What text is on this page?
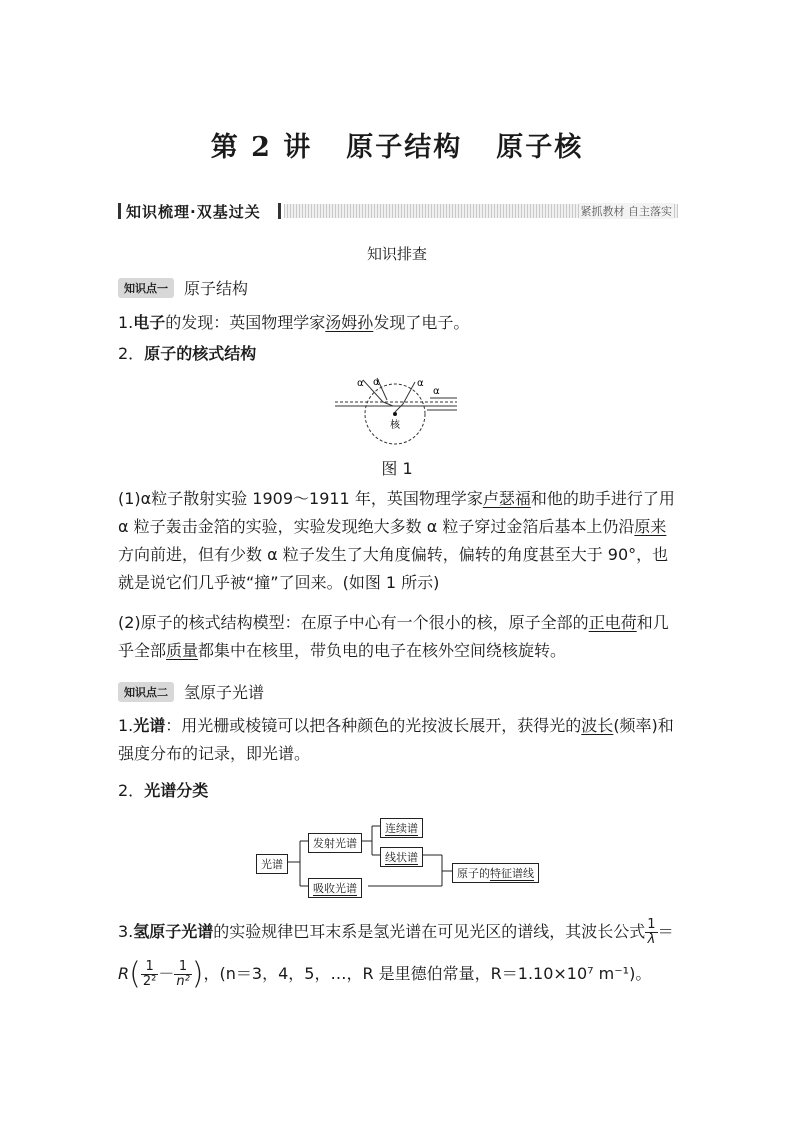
第 2 讲 原子结构 原子核
知识梳理·双基过关	紧抓教材 自主落实
知识排查
知识点一 原子结构
1.电子的发现：英国物理学家汤姆孙发现了电子。
2．原子的核式结构
α α	α
α
核
图 1
(1)α粒子散射实验 1909～1911 年，英国物理学家卢瑟福和他的助手进行了用 α 粒子轰击金箔的实验，实验发现绝大多数 α 粒子穿过金箔后基本上仍沿原来方向前进，但有少数 α 粒子发生了大角度偏转，偏转的角度甚至大于 90°，也就是说它们几乎被“撞”了回来。(如图 1 所示)
(2)原子的核式结构模型：在原子中心有一个很小的核，原子全部的正电荷和几乎全部质量都集中在核里，带负电的电子在核外空间绕核旋转。
知识点二 氢原子光谱
1.光谱：用光栅或棱镜可以把各种颜色的光按波长展开，获得光的波长(频率)和强度分布的记录，即光谱。
2．光谱分类
光谱
发射光谱
连续谱
线状谱
吸收光谱
原子的特征谱线
3.氢原子光谱的实验规律巴耳末系是氢光谱在可见光区的谱线，其波长公式 $\frac{1}{\lambda}$ ＝
$R( \frac{1}{\text{2²}} - \frac{1}{\text{n²}}$ )，(n＝3，4，5，…，R 是里德伯常量，R＝1.10×10⁷ m⁻¹)。
